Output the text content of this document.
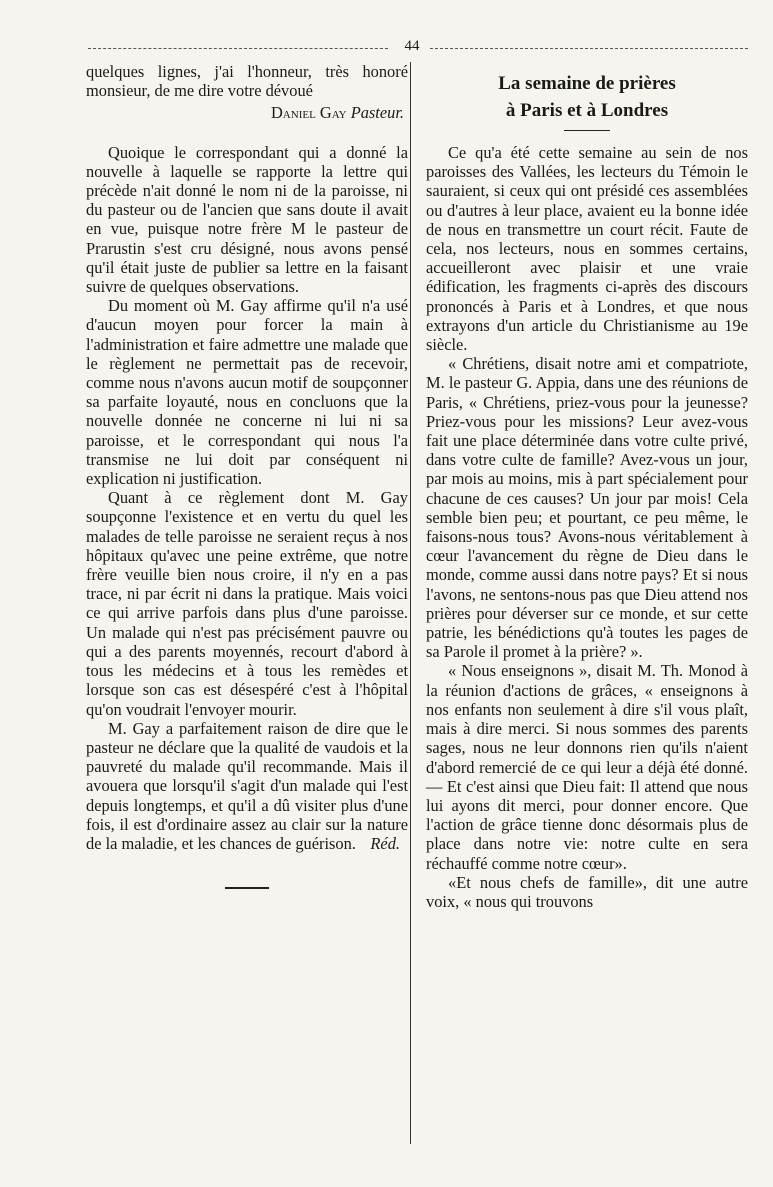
44

quelques lignes, j'ai l'honneur, très honoré monsieur, de me dire votre dévoué

Daniel Gay Pasteur.

Quoique le correspondant qui a donné la nouvelle à laquelle se rapporte la lettre qui précède n'ait donné le nom ni de la paroisse, ni du pasteur ou de l'ancien que sans doute il avait en vue, puisque notre frère M le pasteur de Prarustin s'est cru désigné, nous avons pensé qu'il était juste de publier sa lettre en la faisant suivre de quelques observations.

Du moment où M. Gay affirme qu'il n'a usé d'aucun moyen pour forcer la main à l'administration et faire admettre une malade que le règlement ne permettait pas de recevoir, comme nous n'avons aucun motif de soupçonner sa parfaite loyauté, nous en concluons que la nouvelle donnée ne concerne ni lui ni sa paroisse, et le correspondant qui nous l'a transmise ne lui doit par conséquent ni explication ni justification.

Quant à ce règlement dont M. Gay soupçonne l'existence et en vertu du quel les malades de telle paroisse ne seraient reçus à nos hôpitaux qu'avec une peine extrême, que notre frère veuille bien nous croire, il n'y en a pas trace, ni par écrit ni dans la pratique. Mais voici ce qui arrive parfois dans plus d'une paroisse. Un malade qui n'est pas précisément pauvre ou qui a des parents moyennés, recourt d'abord à tous les médecins et à tous les remèdes et lorsque son cas est désespéré c'est à l'hôpital qu'on voudrait l'envoyer mourir.

M. Gay a parfaitement raison de dire que le pasteur ne déclare que la qualité de vaudois et la pauvreté du malade qu'il recommande. Mais il avouera que lorsqu'il s'agit d'un malade qui l'est depuis longtemps, et qu'il a dû visiter plus d'une fois, il est d'ordinaire assez au clair sur la nature de la maladie, et les chances de guérison. Réd.

La semaine de prières
à Paris et à Londres

Ce qu'a été cette semaine au sein de nos paroisses des Vallées, les lecteurs du Témoin le sauraient, si ceux qui ont présidé ces assemblées ou d'autres à leur place, avaient eu la bonne idée de nous en transmettre un court récit. Faute de cela, nos lecteurs, nous en sommes certains, accueilleront avec plaisir et une vraie édification, les fragments ci-après des discours prononcés à Paris et à Londres, et que nous extrayons d'un article du Christianisme au 19e siècle.

« Chrétiens, disait notre ami et compatriote, M. le pasteur G. Appia, dans une des réunions de Paris, « Chrétiens, priez-vous pour la jeunesse? Priez-vous pour les missions? Leur avez-vous fait une place déterminée dans votre culte privé, dans votre culte de famille? Avez-vous un jour, par mois au moins, mis à part spécialement pour chacune de ces causes? Un jour par mois! Cela semble bien peu; et pourtant, ce peu même, le faisons-nous tous? Avons-nous véritablement à cœur l'avancement du règne de Dieu dans le monde, comme aussi dans notre pays? Et si nous l'avons, ne sentons-nous pas que Dieu attend nos prières pour déverser sur ce monde, et sur cette patrie, les bénédictions qu'à toutes les pages de sa Parole il promet à la prière? ».

« Nous enseignons », disait M. Th. Monod à la réunion d'actions de grâces, « enseignons à nos enfants non seulement à dire s'il vous plaît, mais à dire merci. Si nous sommes des parents sages, nous ne leur donnons rien qu'ils n'aient d'abord remercié de ce qui leur a déjà été donné. — Et c'est ainsi que Dieu fait: Il attend que nous lui ayons dit merci, pour donner encore. Que l'action de grâce tienne donc désormais plus de place dans notre vie: notre culte en sera réchauffé comme notre cœur».

«Et nous chefs de famille», dit une autre voix, « nous qui trouvons
